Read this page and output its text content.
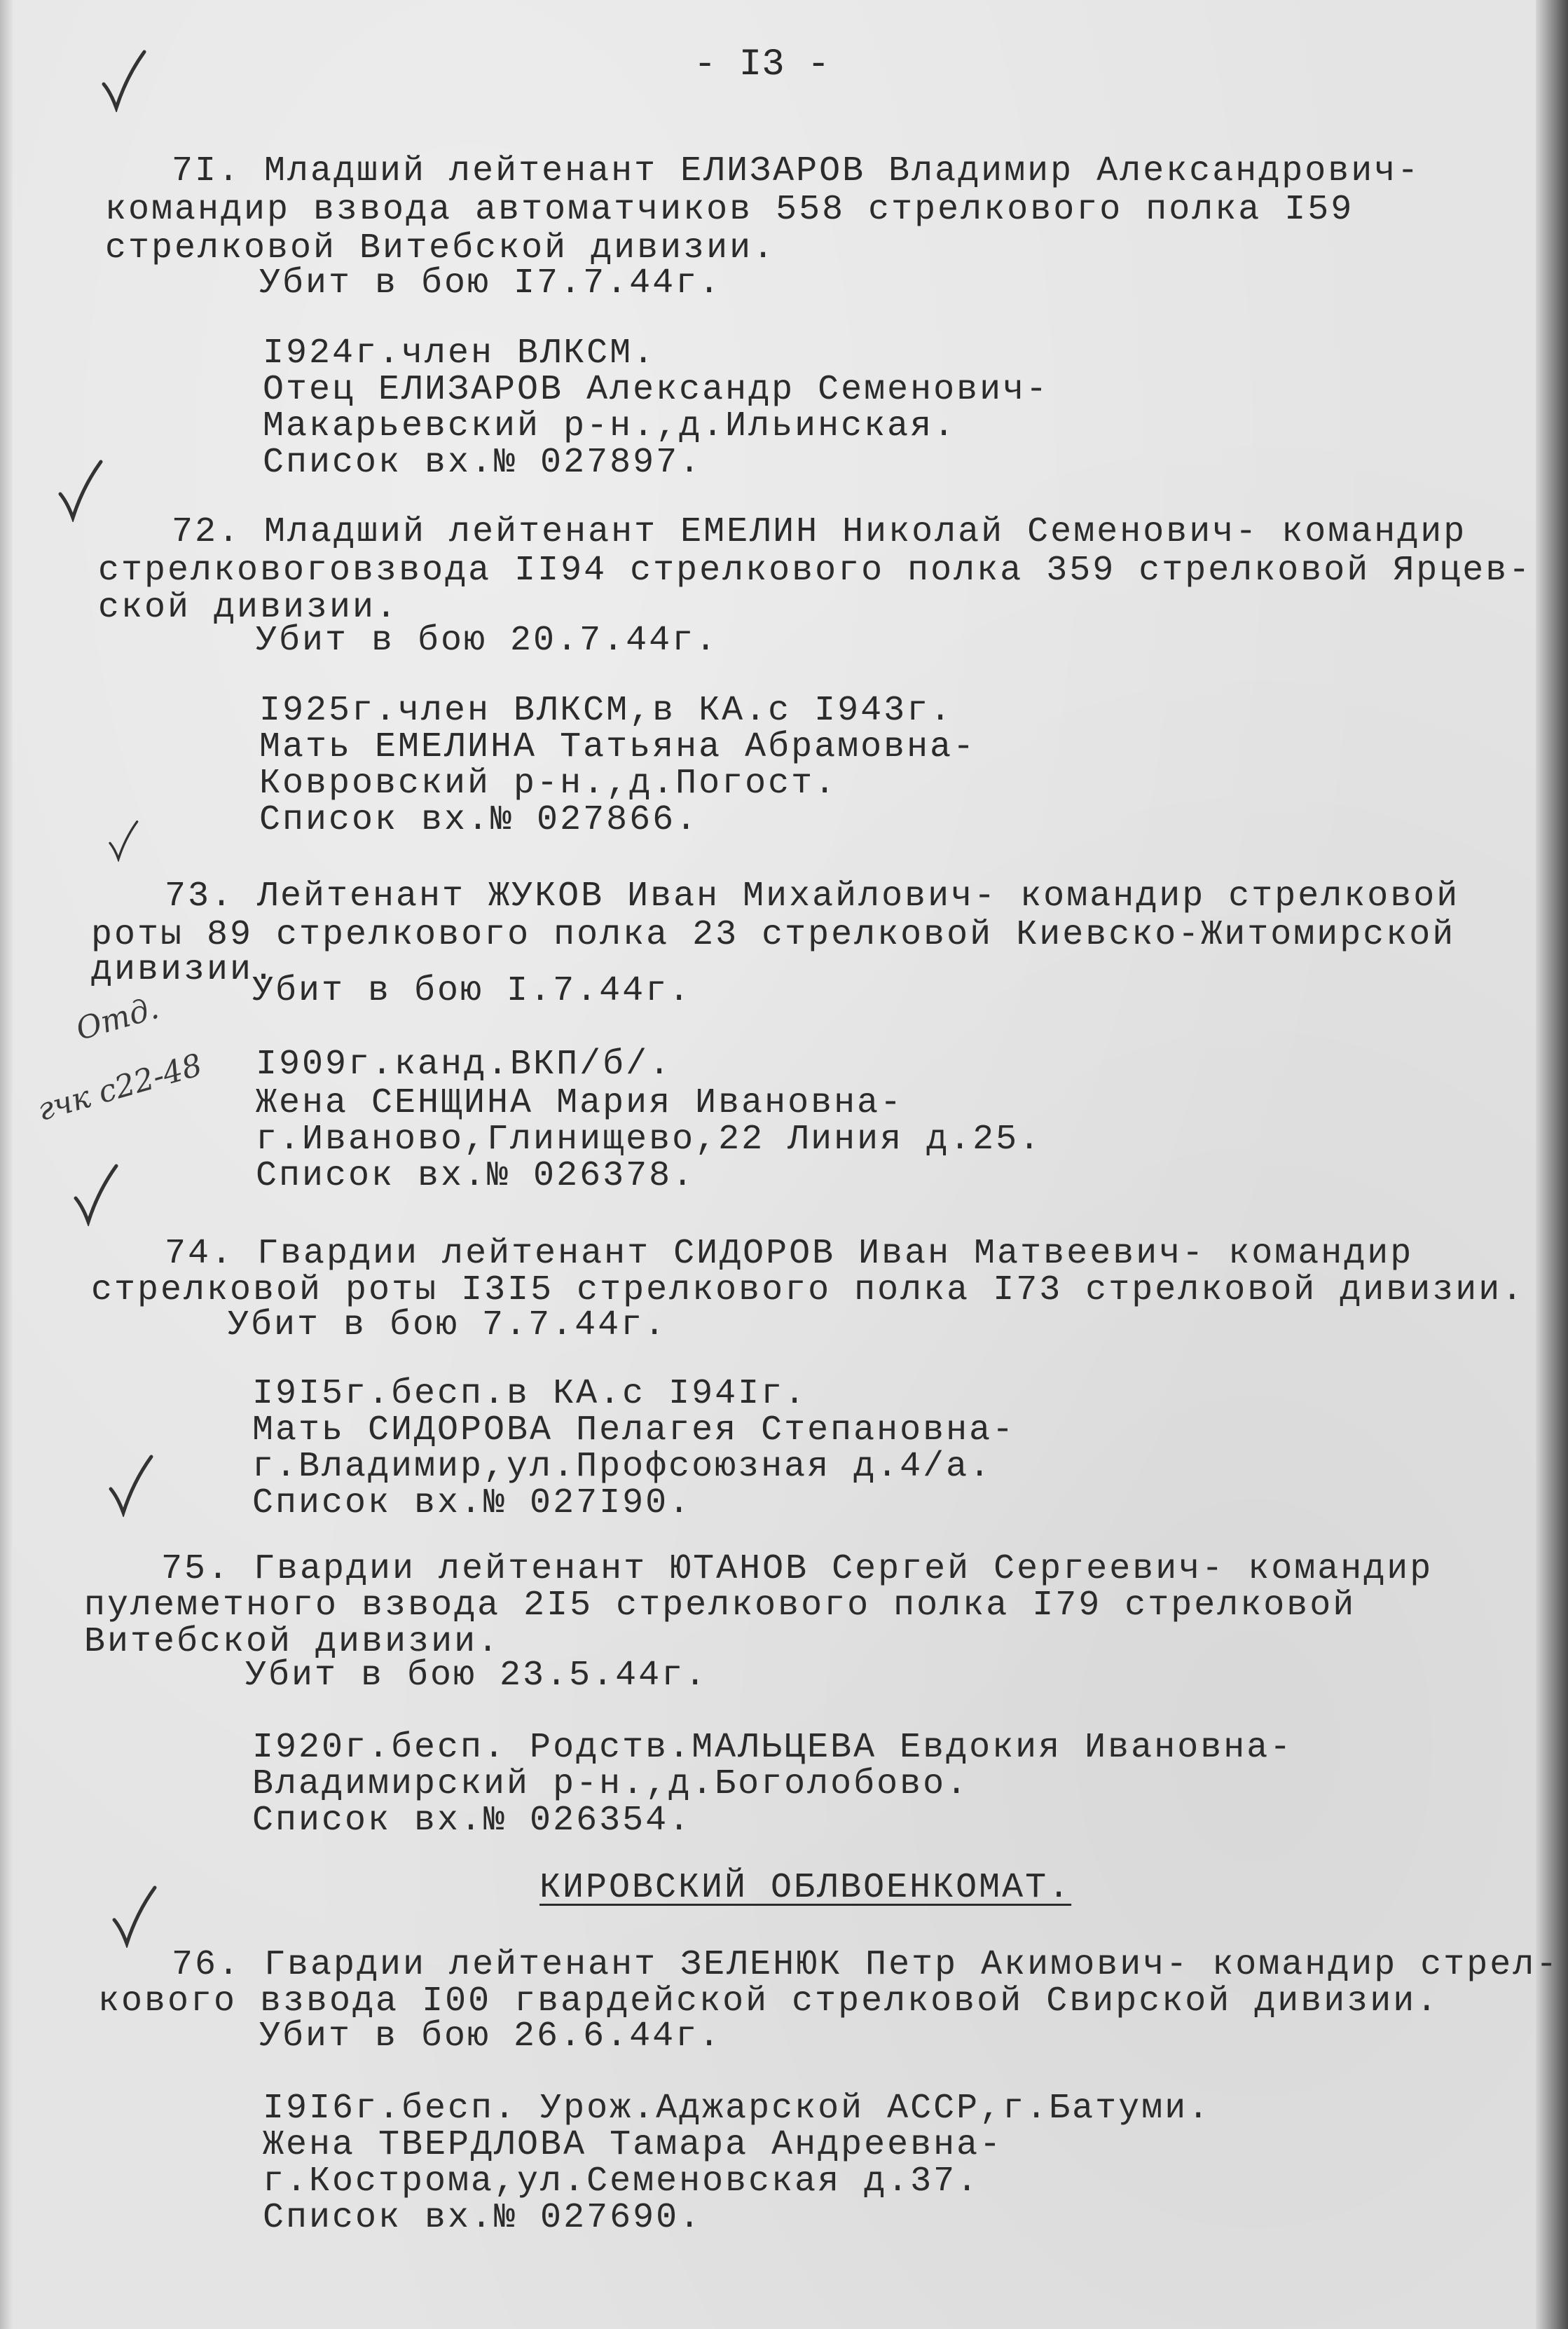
- I3 -
Отд.
гчк с22-48
7I. Младший лейтенант ЕЛИЗАРОВ Владимир Александрович-
командир взвода автоматчиков 558 стрелкового полка I59
стрелковой Витебской дивизии.
Убит в бою I7.7.44г.
I924г.член ВЛКСМ.
Отец ЕЛИЗАРОВ Александр Семенович-
Макарьевский р-н.,д.Ильинская.
Список вх.№ 027897.
72. Младший лейтенант ЕМЕЛИН Николай Семенович- командир
стрелковоговзвода II94 стрелкового полка 359 стрелковой Ярцев-
ской дивизии.
Убит в бою 20.7.44г.
I925г.член ВЛКСМ,в КА.с I943г.
Мать ЕМЕЛИНА Татьяна Абрамовна-
Ковровский р-н.,д.Погост.
Список вх.№ 027866.
73. Лейтенант ЖУКОВ Иван Михайлович- командир стрелковой
роты 89 стрелкового полка 23 стрелковой Киевско-Житомирской
дивизии.
Убит в бою I.7.44г.
I909г.канд.ВКП/б/.
Жена СЕНЩИНА Мария Ивановна-
г.Иваново,Глинищево,22 Линия д.25.
Список вх.№ 026378.
74. Гвардии лейтенант СИДОРОВ Иван Матвеевич- командир
стрелковой роты I3I5 стрелкового полка I73 стрелковой дивизии.
Убит в бою 7.7.44г.
I9I5г.бесп.в КА.с I94Iг.
Мать СИДОРОВА Пелагея Степановна-
г.Владимир,ул.Профсоюзная д.4/а.
Список вх.№ 027I90.
75. Гвардии лейтенант ЮТАНОВ Сергей Сергеевич- командир
пулеметного взвода 2I5 стрелкового полка I79 стрелковой
Витебской дивизии.
Убит в бою 23.5.44г.
I920г.бесп. Родств.МАЛЬЦЕВА Евдокия Ивановна-
Владимирский р-н.,д.Боголобово.
Список вх.№ 026354.
КИРОВСКИЙ ОБЛВОЕНКОМАТ.
76. Гвардии лейтенант ЗЕЛЕНЮК Петр Акимович- командир стрел-
кового взвода I00 гвардейской стрелковой Свирской дивизии.
Убит в бою 26.6.44г.
I9I6г.бесп. Урож.Аджарской АССР,г.Батуми.
Жена ТВЕРДЛОВА Тамара Андреевна-
г.Кострома,ул.Семеновская д.37.
Список вх.№ 027690.
